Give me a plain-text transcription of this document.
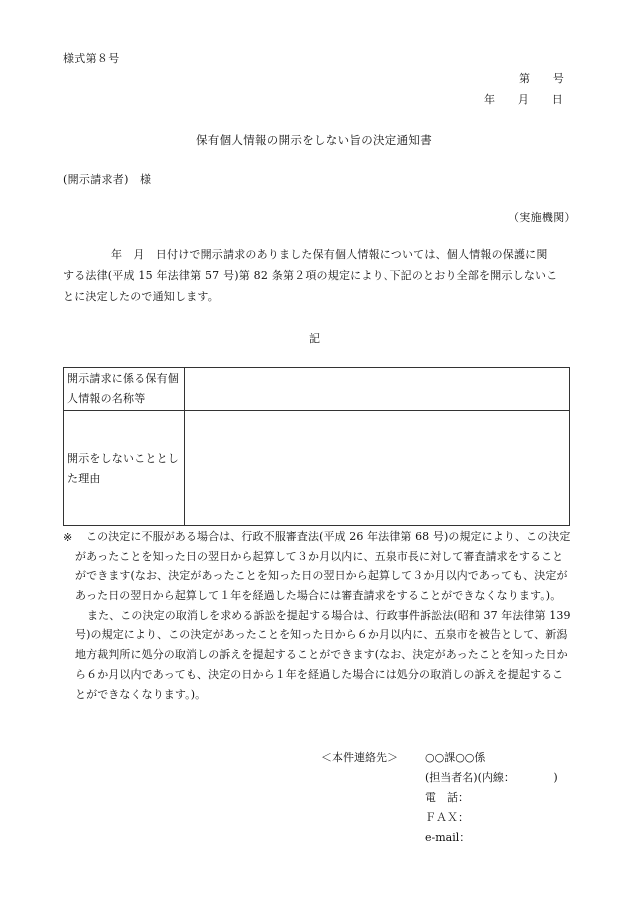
様式第８号
第　　号
年　　月　　日
保有個人情報の開示をしない旨の決定通知書
(開示請求者)　様
（実施機関）
年　月　日付けで開示請求のありました保有個人情報については、個人情報の保護に関
する法律(平成 15 年法律第 57 号)第 82 条第２項の規定により､下記のとおり全部を開示しないこ
とに決定したので通知します。
記
開示請求に係る保有個
人情報の名称等
開示をしないこととし
た理由
※	この決定に不服がある場合は、行政不服審査法(平成 26 年法律第 68 号)の規定により、この決定
があったことを知った日の翌日から起算して３か月以内に、五泉市長に対して審査請求をすること
ができます(なお、決定があったことを知った日の翌日から起算して３か月以内であっても、決定が
あった日の翌日から起算して１年を経過した場合には審査請求をすることができなくなります。)。
また、この決定の取消しを求める訴訟を提起する場合は、行政事件訴訟法(昭和 37 年法律第 139
号)の規定により、この決定があったことを知った日から６か月以内に、五泉市を被告として、新潟
地方裁判所に処分の取消しの訴えを提起することができます(なお、決定があったことを知った日か
ら６か月以内であっても、決定の日から１年を経過した場合には処分の取消しの訴えを提起するこ
とができなくなります。)。
＜本件連絡先＞ ○○課○○係
(担当者名)(内線：　　　　)
電　話：
ＦＡＸ：
e-mail：
